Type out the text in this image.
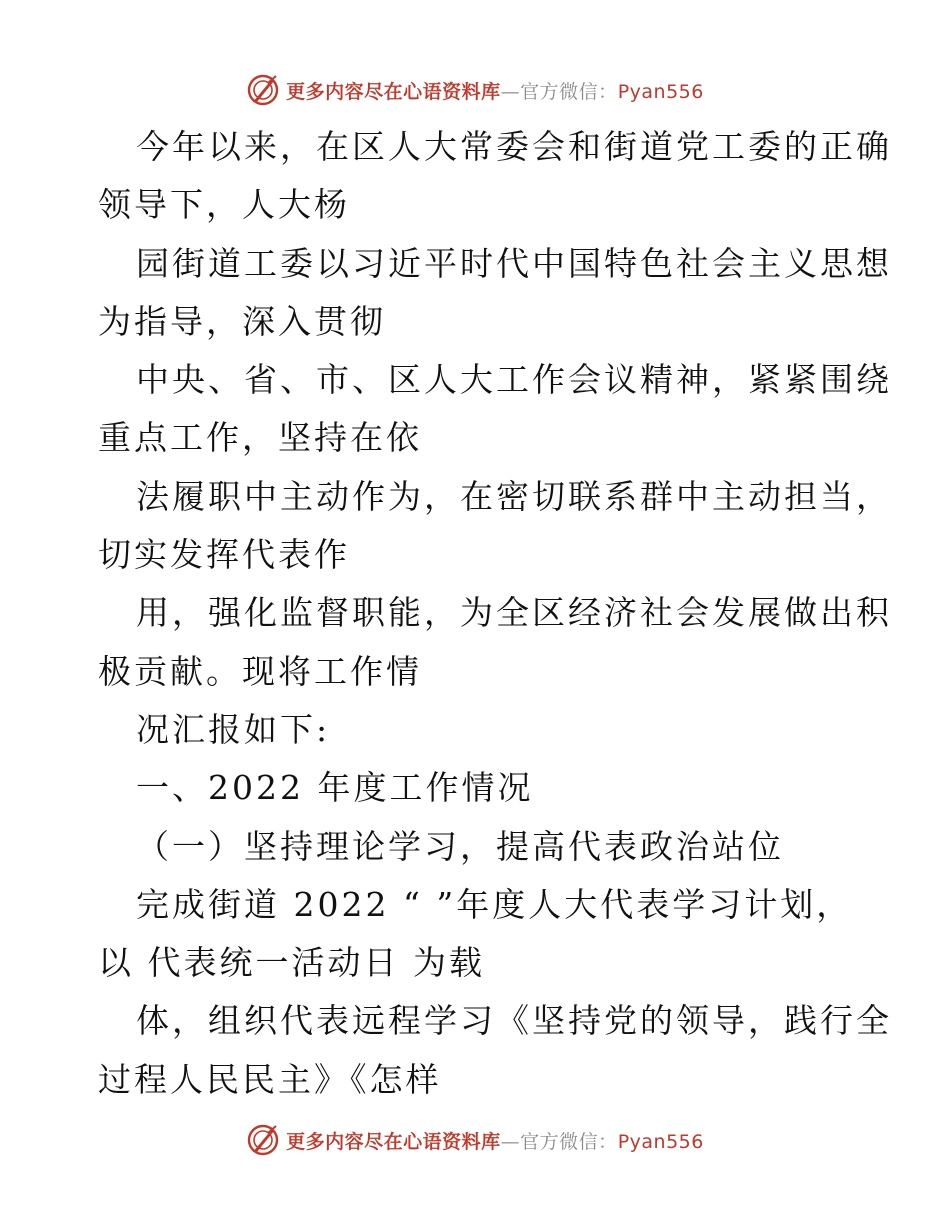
更多内容尽在心语资料库—官方微信：Pyan556
今年以来，在区人大常委会和街道党工委的正确
领导下，人大杨
园街道工委以习近平时代中国特色社会主义思想
为指导，深入贯彻
中央、省、市、区人大工作会议精神，紧紧围绕
重点工作，坚持在依
法履职中主动作为，在密切联系群中主动担当，
切实发挥代表作
用，强化监督职能，为全区经济社会发展做出积
极贡献。现将工作情
况汇报如下:
一、2022 年度工作情况
（一）坚持理论学习，提高代表政治站位
完成街道 2022 “ ”年度人大代表学习计划，
以 代表统一活动日 为载
体，组织代表远程学习《坚持党的领导，践行全
过程人民民主》《怎样
更多内容尽在心语资料库—官方微信：Pyan556
